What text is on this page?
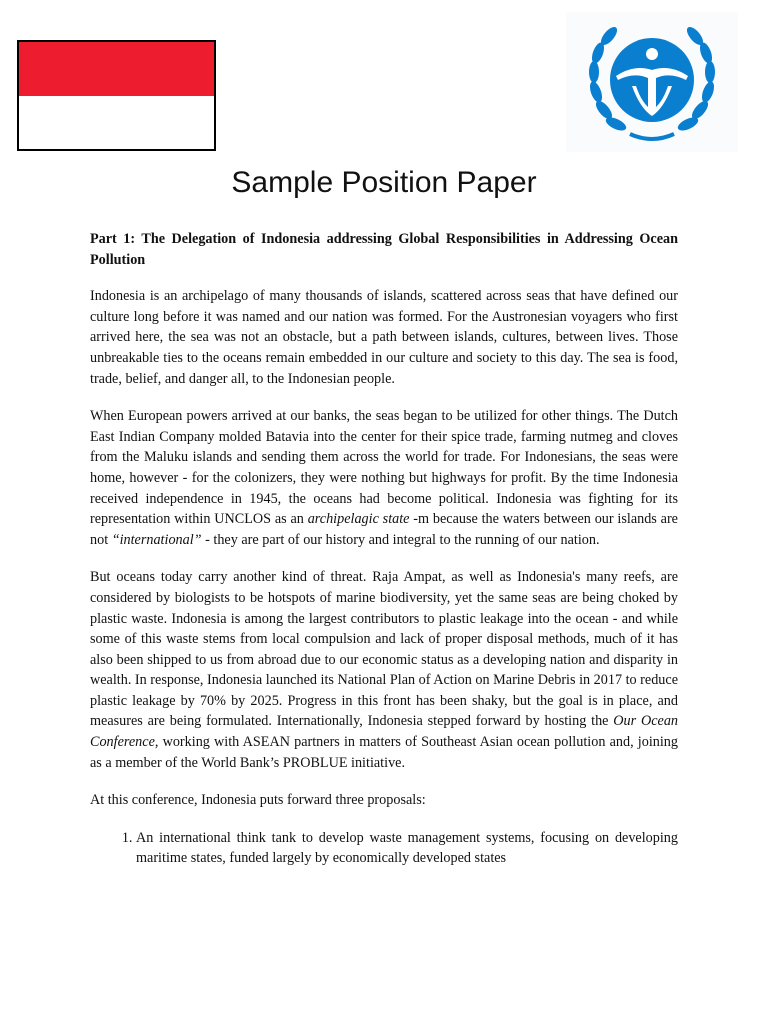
Sample Position Paper

Part 1: The Delegation of Indonesia addressing Global Responsibilities in Addressing Ocean Pollution

Indonesia is an archipelago of many thousands of islands, scattered across seas that have defined our culture long before it was named and our nation was formed. For the Austronesian voyagers who first arrived here, the sea was not an obstacle, but a path between islands, cultures, between lives. Those unbreakable ties to the oceans remain embedded in our culture and society to this day. The sea is food, trade, belief, and danger all, to the Indonesian people.

When European powers arrived at our banks, the seas began to be utilized for other things. The Dutch East Indian Company molded Batavia into the center for their spice trade, farming nutmeg and cloves from the Maluku islands and sending them across the world for trade. For Indonesians, the seas were home, however - for the colonizers, they were nothing but highways for profit. By the time Indonesia received independence in 1945, the oceans had become political. Indonesia was fighting for its representation within UNCLOS as an archipelagic state -m because the waters between our islands are not “international” - they are part of our history and integral to the running of our nation.

But oceans today carry another kind of threat. Raja Ampat, as well as Indonesia's many reefs, are considered by biologists to be hotspots of marine biodiversity, yet the same seas are being choked by plastic waste. Indonesia is among the largest contributors to plastic leakage into the ocean - and while some of this waste stems from local compulsion and lack of proper disposal methods, much of it has also been shipped to us from abroad due to our economic status as a developing nation and disparity in wealth. In response, Indonesia launched its National Plan of Action on Marine Debris in 2017 to reduce plastic leakage by 70% by 2025. Progress in this front has been shaky, but the goal is in place, and measures are being formulated. Internationally, Indonesia stepped forward by hosting the Our Ocean Conference, working with ASEAN partners in matters of Southeast Asian ocean pollution and, joining as a member of the World Bank’s PROBLUE initiative.

At this conference, Indonesia puts forward three proposals:

1. An international think tank to develop waste management systems, focusing on developing maritime states, funded largely by economically developed states
